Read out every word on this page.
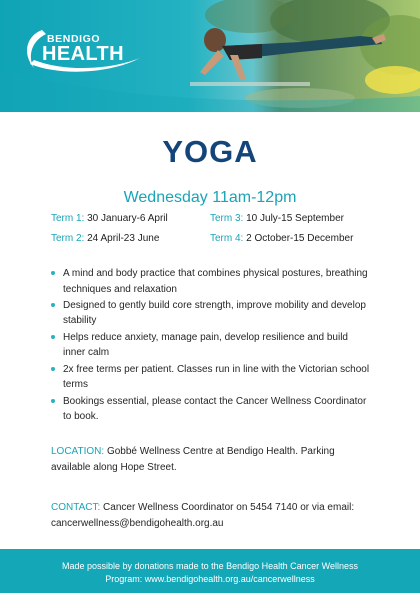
BENDIGO
HEALTH
YOGA
Wednesday 11am-12pm
Term 1: 30 January-6 April
Term 2: 24 April-23 June
Term 3: 10 July-15 September
Term 4: 2 October-15 December
A mind and body practice that combines physical postures, breathing techniques and relaxation
Designed to gently build core strength, improve mobility and develop stability
Helps reduce anxiety, manage pain, develop resilience and build inner calm
2x free terms per patient. Classes run in line with the Victorian school terms
Bookings essential, please contact the Cancer Wellness Coordinator to book.
LOCATION: Gobbé Wellness Centre at Bendigo Health. Parking available along Hope Street.
CONTACT: Cancer Wellness Coordinator on 5454 7140 or via email: cancerwellness@bendigohealth.org.au
Made possible by donations made to the Bendigo Health Cancer Wellness
Program: www.bendigohealth.org.au/cancerwellness
